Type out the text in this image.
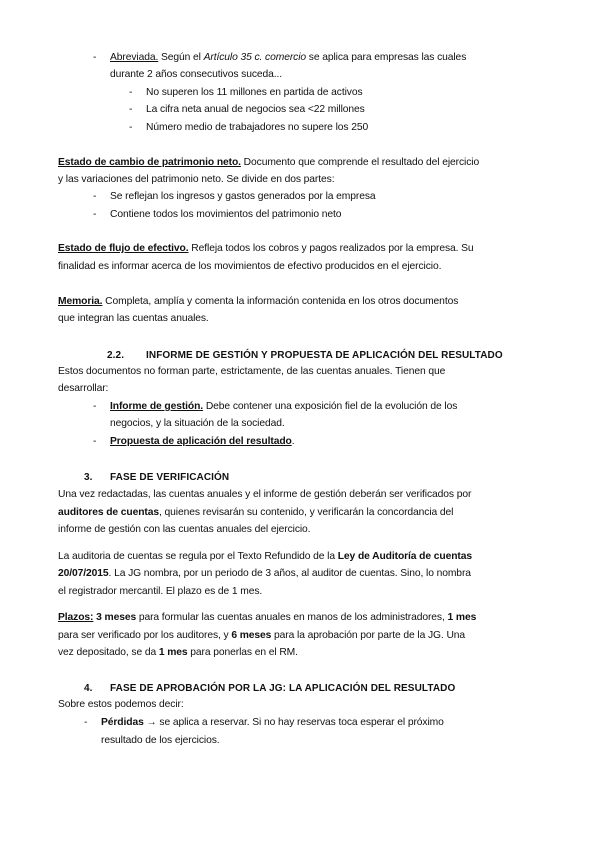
- Abreviada. Según el Artículo 35 c. comercio se aplica para empresas las cuales
durante 2 años consecutivos suceda...
- No superen los 11 millones en partida de activos
- La cifra neta anual de negocios sea <22 millones
- Número medio de trabajadores no supere los 250
Estado de cambio de patrimonio neto. Documento que comprende el resultado del ejercicio
y las variaciones del patrimonio neto. Se divide en dos partes:
- Se reflejan los ingresos y gastos generados por la empresa
- Contiene todos los movimientos del patrimonio neto
Estado de flujo de efectivo. Refleja todos los cobros y pagos realizados por la empresa. Su
finalidad es informar acerca de los movimientos de efectivo producidos en el ejercicio.
Memoria. Completa, amplía y comenta la información contenida en los otros documentos
que integran las cuentas anuales.
2.2. INFORME DE GESTIÓN Y PROPUESTA DE APLICACIÓN DEL RESULTADO
Estos documentos no forman parte, estrictamente, de las cuentas anuales. Tienen que
desarrollar:
- Informe de gestión. Debe contener una exposición fiel de la evolución de los
negocios, y la situación de la sociedad.
- Propuesta de aplicación del resultado.
3. FASE DE VERIFICACIÓN
Una vez redactadas, las cuentas anuales y el informe de gestión deberán ser verificados por
auditores de cuentas, quienes revisarán su contenido, y verificarán la concordancia del
informe de gestión con las cuentas anuales del ejercicio.
La auditoria de cuentas se regula por el Texto Refundido de la Ley de Auditoría de cuentas
20/07/2015. La JG nombra, por un periodo de 3 años, al auditor de cuentas. Sino, lo nombra
el registrador mercantil. El plazo es de 1 mes.
Plazos: 3 meses para formular las cuentas anuales en manos de los administradores, 1 mes
para ser verificado por los auditores, y 6 meses para la aprobación por parte de la JG. Una
vez depositado, se da 1 mes para ponerlas en el RM.
4. FASE DE APROBACIÓN POR LA JG: LA APLICACIÓN DEL RESULTADO
Sobre estos podemos decir:
- Pérdidas → se aplica a reservar. Si no hay reservas toca esperar el próximo
resultado de los ejercicios.
